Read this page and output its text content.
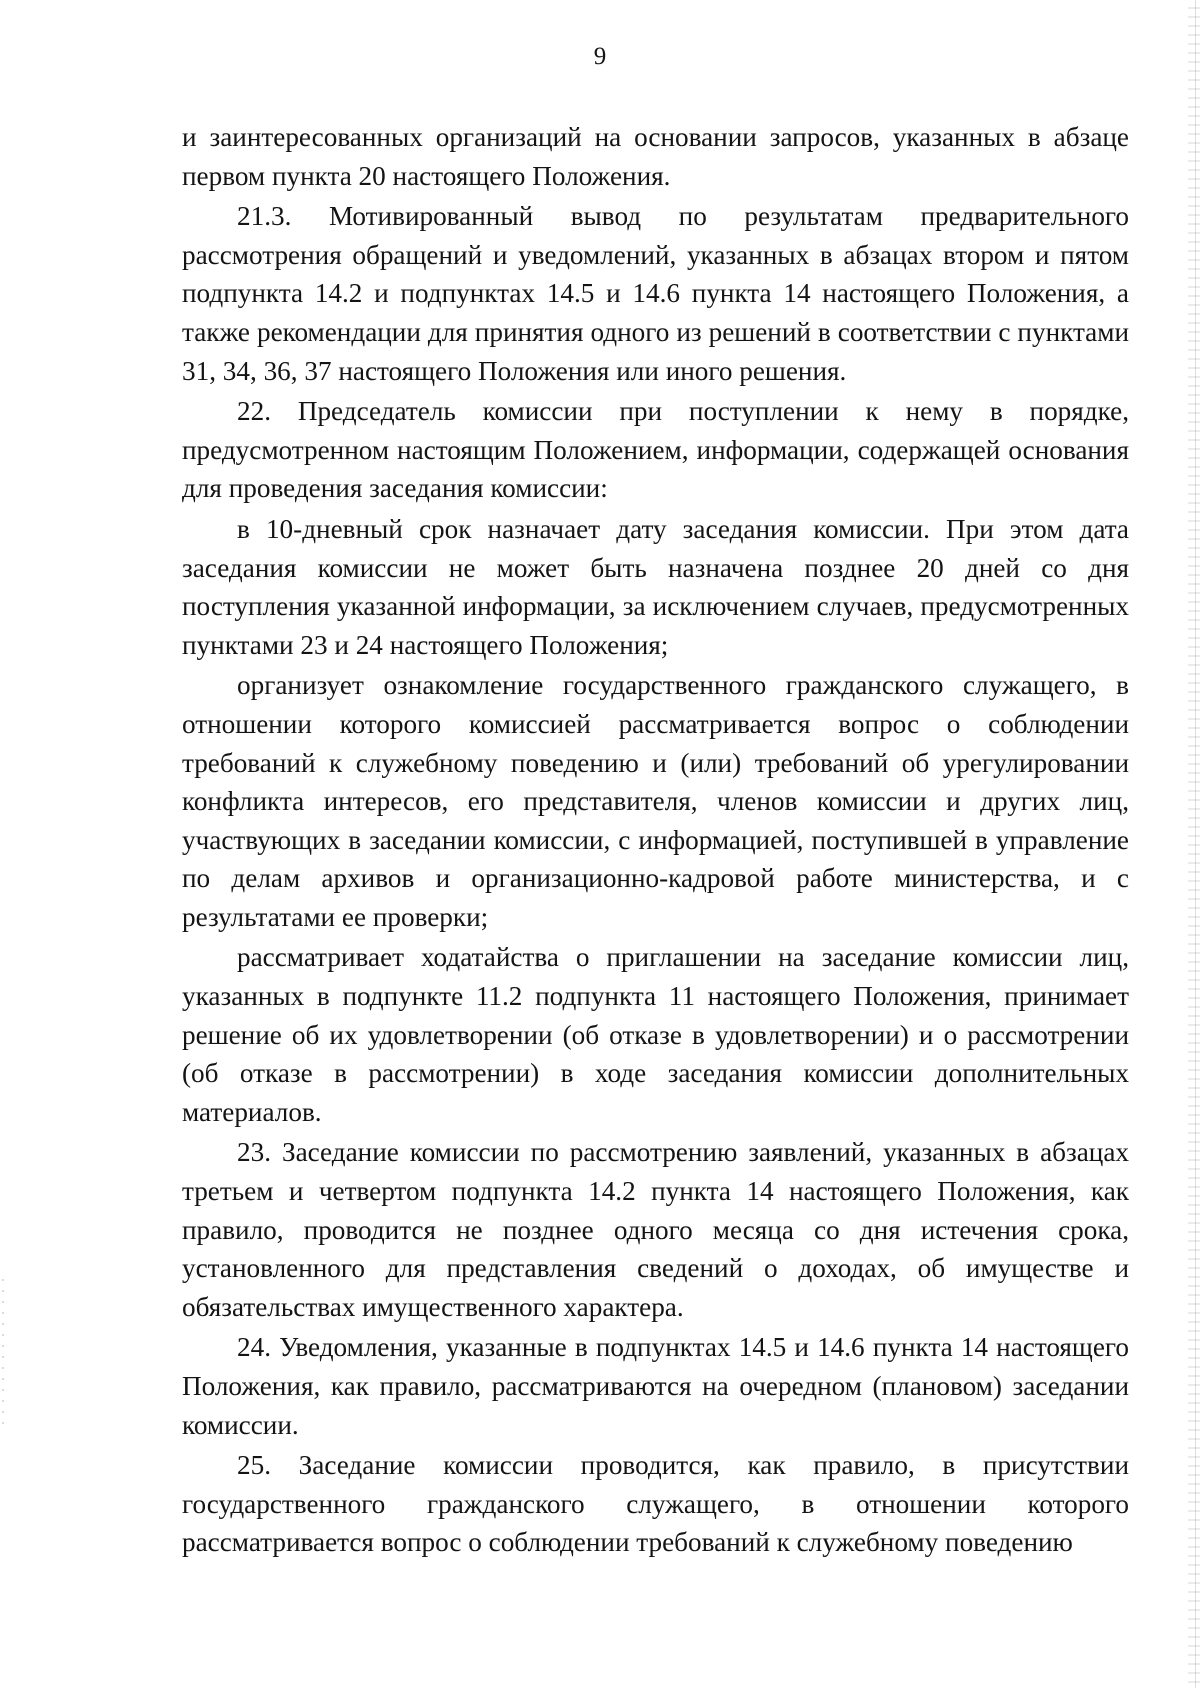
9

и заинтересованных организаций на основании запросов, указанных в абзаце первом пункта 20 настоящего Положения.

21.3. Мотивированный вывод по результатам предварительного рассмотрения обращений и уведомлений, указанных в абзацах втором и пятом подпункта 14.2 и подпунктах 14.5 и 14.6 пункта 14 настоящего Положения, а также рекомендации для принятия одного из решений в соответствии с пунктами 31, 34, 36, 37 настоящего Положения или иного решения.

22. Председатель комиссии при поступлении к нему в порядке, предусмотренном настоящим Положением, информации, содержащей основания для проведения заседания комиссии:

в 10-дневный срок назначает дату заседания комиссии. При этом дата заседания комиссии не может быть назначена позднее 20 дней со дня поступления указанной информации, за исключением случаев, предусмотренных пунктами 23 и 24 настоящего Положения;

организует ознакомление государственного гражданского служащего, в отношении которого комиссией рассматривается вопрос о соблюдении требований к служебному поведению и (или) требований об урегулировании конфликта интересов, его представителя, членов комиссии и других лиц, участвующих в заседании комиссии, с информацией, поступившей в управление по делам архивов и организационно-кадровой работе министерства, и с результатами ее проверки;

рассматривает ходатайства о приглашении на заседание комиссии лиц, указанных в подпункте 11.2 подпункта 11 настоящего Положения, принимает решение об их удовлетворении (об отказе в удовлетворении) и о рассмотрении (об отказе в рассмотрении) в ходе заседания комиссии дополнительных материалов.

23. Заседание комиссии по рассмотрению заявлений, указанных в абзацах третьем и четвертом подпункта 14.2 пункта 14 настоящего Положения, как правило, проводится не позднее одного месяца со дня истечения срока, установленного для представления сведений о доходах, об имуществе и обязательствах имущественного характера.

24. Уведомления, указанные в подпунктах 14.5 и 14.6 пункта 14 настоящего Положения, как правило, рассматриваются на очередном (плановом) заседании комиссии.

25. Заседание комиссии проводится, как правило, в присутствии государственного гражданского служащего, в отношении которого рассматривается вопрос о соблюдении требований к служебному поведению
